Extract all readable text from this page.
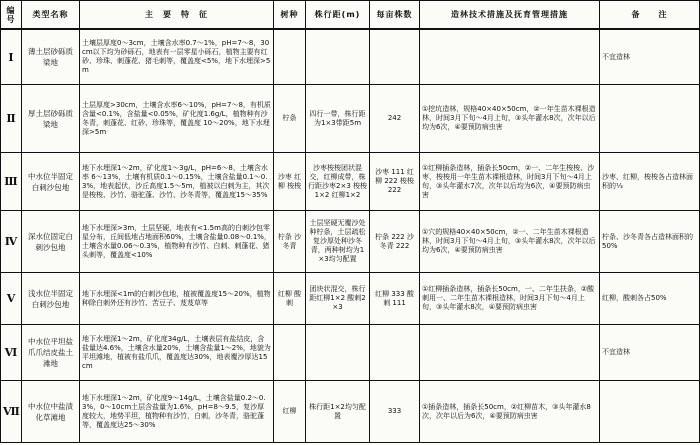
编号	类型名称	主　要　特　征	树种	株行距(m)	每亩株数	造林技术措施及抚育管理措施	备　　注
Ⅰ	薄土层砂砾质梁地	土壤层厚度0～3cm，土壤含水率0.7～1%，pH=7～8，30cm以下均为砂砾石，地表有一层零星小砾石，植物主要有红砂、珍珠、刺蓬花、猪毛刺等，覆盖度<5%，地下水埋深>5m					不宜造林
Ⅱ	厚土层砂砾质梁地	土层厚度>30cm，土壤含水率6～10%，pH=7～8，有机质含量<0.1%，含盐量<0.05%，矿化度1.6g/L，植物种有沙冬青，刺蓬花、红砂、珍珠等，覆盖度 10～20%，地下水埋深>5m	柠条	四行一带，株行距为1×3带距5m	242	①挖坑造林，规格40×40×50cm，②一年生苗木裸根造林，时间3月下旬～4月上旬，③头年灌水8次，次年以后均为6次，④要预防病虫害	
Ⅲ	中水位半固定白刺沙包地	地下水埋深1～2m，矿化度1～3g/L，pH=6～8，土壤含水率 6～13%，土壤有机质0.1～0.15%，土壤含盐量0.1～0.3%，地表起伏，沙丘高度1.5～5m，植被以白刺为主，其次是梭梭、沙竹、骆驼蓬、沙竹、沙冬青等，覆盖度15～35%	沙枣 红柳 梭梭	沙枣梭梭团状混交，红柳成带，株行距沙枣2×3 梭梭1×2 红柳1×2	沙枣 111 红柳 222 梭梭 222	①红柳插条造林，插条长50cm，②一、二年生梭梭、沙枣，梭梭用一年生苗木裸根造林，时间3月下旬～4月上旬，③头年灌水7次，次年以后均为6次，④要预防病虫害	沙枣、红柳，梭梭各占造林面积的⅓
Ⅳ	深水位固定白刺沙包地	地下水埋深>3m，土层坚硬，地表有<1.5m高的白刺沙包零星分布，丘间低地占地面积60%，土壤含盐量0.08～0.1%，土壤含水量0.06～0.3%，植物种有沙竹、白刺、刺蓬花、猪头刺等，覆盖度<10%	柠条 沙冬青	土层坚硬无覆沙处种柠条，土层疏松复沙厚处种沙冬青，两种树均为1×3均匀配置	柠条 222 沙冬青 222	①穴的规格40×40×50cm，②一、二年生苗木裸根造林，时间3月下旬～4月上旬，③头年灌水8次，次年以后均为6次，④要预防病虫害	柠条、沙冬青各占造林面积的50%
Ⅴ	浅水位半固定白刺沙包地	地下水埋深<1m的白刺沙包地，植被覆盖度15～20%，植物种除白刺外还有沙竹、苦豆子、芨芨草等	红柳 酸刺	团块状混交，株行距红柳1×2 酸刺2×3	红柳 333 酸刺 111	①红柳插条造林，插条长50cm，一、二年生扶条，②酸刺用一、二年生苗木裸根造林，时间3月下旬～4月上旬，③头年灌水8次，④要预防病虫害	红柳，酸刺各占50%
Ⅵ	中水位平坦盐爪爪结皮盐土滩地	地下水埋深1～2m，矿化度34g/L，土壤表层有盐结皮，含盐量达4.6%，土壤含水量20%，土壤含盐量1～2%，地貌为平坦滩地，植被有盐爪爪，覆盖度达30%，地表覆沙厚达15cm					不宜造林
Ⅶ	中水位中盐渍化草滩地	地下水埋深1～2m，矿化度9～14g/L，土壤含盐量0.2～0.3%，0～10cm土层含盐量为1.6%，pH=8～9.5，复沙厚度较大，地势平坦，植物种有沙竹，白刺，沙冬青，骆驼蓬等，覆盖度达25～30%	红柳	株行距1×2均匀配置	333	①插条造林，插条长50cm，②红柳苗木，③头年灌水8次，次年以后为6次，④要预防病虫害	
